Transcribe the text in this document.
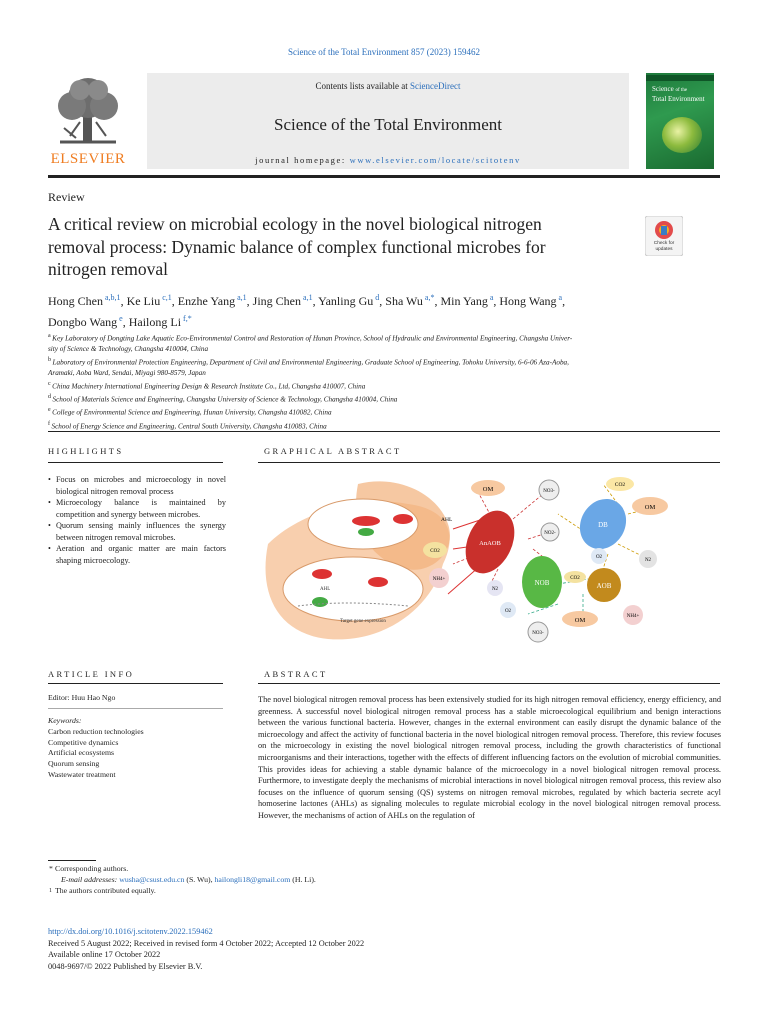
Science of the Total Environment 857 (2023) 159462
ELSEVIER
Contents lists available at ScienceDirect
Science of the Total Environment
journal homepage: www.elsevier.com/locate/scitotenv
Science of the
Total Environment
Review
A critical review on microbial ecology in the novel biological nitrogen removal process: Dynamic balance of complex functional microbes for nitrogen removal
Check for updates
Hong Chen $^{a,b,1}$, Ke Liu $^{c,1}$, Enzhe Yang $^{a,1}$, Jing Chen $^{a,1}$, Yanling Gu $^d$, Sha Wu $^{a,*}$, Min Yang $^a$, Hong Wang $^a$,
Dongbo Wang $^e$, Hailong Li $^{f,*}$
$^a$ Key Laboratory of Dongting Lake Aquatic Eco-Environmental Control and Restoration of Hunan Province, School of Hydraulic and Environmental Engineering, Changsha Univer-
sity of Science & Technology, Changsha 410004, China
$^b$ Laboratory of Environmental Protection Engineering, Department of Civil and Environmental Engineering, Graduate School of Engineering, Tohoku University, 6-6-06 Aza-Aoba,
Aramaki, Aoba Ward, Sendai, Miyagi 980-8579, Japan
$^c$ China Machinery International Engineering Design & Research Institute Co., Ltd, Changsha 410007, China
$^d$ School of Materials Science and Engineering, Changsha University of Science & Technology, Changsha 410004, China
$^e$ College of Environmental Science and Engineering, Hunan University, Changsha 410082, China
$^f$ School of Energy Science and Engineering, Central South University, Changsha 410083, China
HIGHLIGHTS
• Focus on microbes and microecology in novel biological nitrogen removal process
• Microecology balance is maintained by competition and synergy between microbes.
• Quorum sensing mainly influences the synergy between nitrogen removal microbes.
• Aeration and organic matter are main factors shaping microecology.
GRAPHICAL ABSTRACT
Target gene expression
AHL
OM	NO3-
CO2
OM
DB
AHL
AnAOB
NO2-
CO2
NH4+
N2
NOB
CO2
O2
N2
AOB
NH4+
OM
O2
NO3-
ARTICLE INFO
Editor: Huu Hao Ngo
Keywords:
Carbon reduction technologies
Competitive dynamics
Artificial ecosystems
Quorum sensing
Wastewater treatment
ABSTRACT
The novel biological nitrogen removal process has been extensively studied for its high nitrogen removal efficiency, energy efficiency, and greenness. A successful novel biological nitrogen removal process has a stable microecological equilibrium and benign interactions between the various functional bacteria. However, changes in the external environment can easily disrupt the dynamic balance of the microecology and affect the activity of functional bacteria in the novel biological nitrogen removal process. Therefore, this review focuses on the microecology in existing the novel biological nitrogen removal process, including the growth characteristics of functional microorganisms and their interactions, together with the effects of different influencing factors on the evolution of microbial communities. This provides ideas for achieving a stable dynamic balance of the microecology in a novel biological nitrogen removal process. Furthermore, to investigate deeply the mechanisms of microbial interactions in novel biological nitrogen removal process, this review also focuses on the influence of quorum sensing (QS) systems on nitrogen removal microbes, regulated by which bacteria secrete acyl homoserine lactones (AHLs) as signaling molecules to regulate microbial ecology in the novel biological nitrogen removal process. However, the mechanisms of action of AHLs on the regulation of
* Corresponding authors.
E-mail addresses: wusha@csust.edu.cn (S. Wu), hailongli18@gmail.com (H. Li).
1 The authors contributed equally.
http://dx.doi.org/10.1016/j.scitotenv.2022.159462
Received 5 August 2022; Received in revised form 4 October 2022; Accepted 12 October 2022
Available online 17 October 2022
0048-9697/© 2022 Published by Elsevier B.V.
